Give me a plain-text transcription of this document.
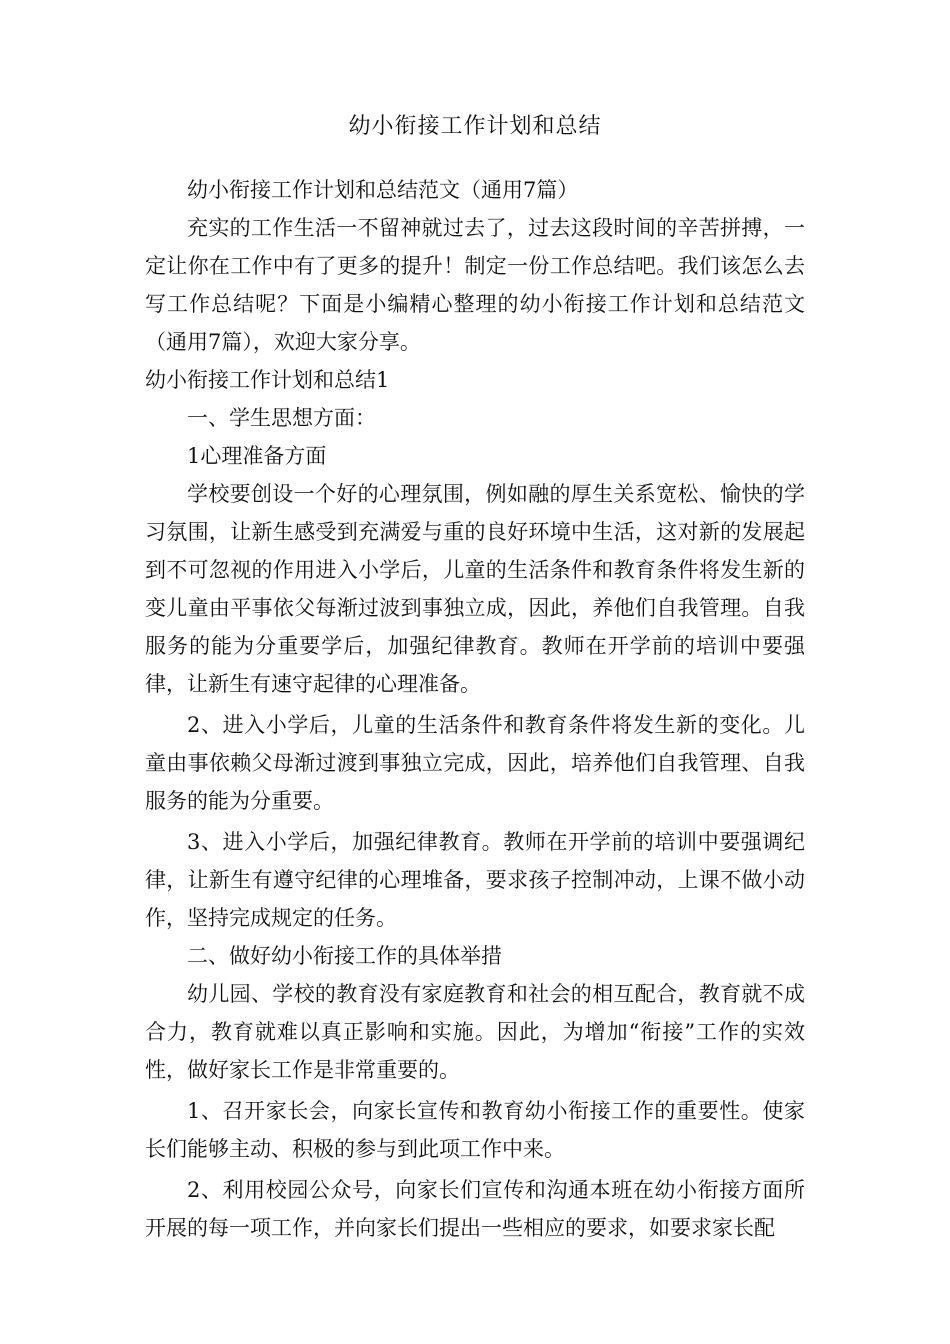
幼小衔接工作计划和总结

幼小衔接工作计划和总结范文（通用7篇）

充实的工作生活一不留神就过去了，过去这段时间的辛苦拼搏，一定让你在工作中有了更多的提升！制定一份工作总结吧。我们该怎么去写工作总结呢？下面是小编精心整理的幼小衔接工作计划和总结范文（通用7篇），欢迎大家分享。

幼小衔接工作计划和总结1

一、学生思想方面：

1心理准备方面

学校要创设一个好的心理氛围，例如融的厚生关系宽松、愉快的学习氛围，让新生感受到充满爱与重的良好环境中生活，这对新的发展起到不可忽视的作用进入小学后，儿童的生活条件和教育条件将发生新的变儿童由平事依父每渐过波到事独立成，因此，养他们自我管理。自我服务的能为分重要学后，加强纪律教育。教师在开学前的培训中要强律，让新生有速守起律的心理准备。

2、进入小学后，儿童的生活条件和教育条件将发生新的变化。儿童由事依赖父母渐过渡到事独立完成，因此，培养他们自我管理、自我服务的能为分重要。

3、进入小学后，加强纪律教育。教师在开学前的培训中要强调纪律，让新生有遵守纪律的心理堆备，要求孩子控制冲动，上课不做小动作，坚持完成规定的任务。

二、做好幼小衔接工作的具体举措

幼儿园、学校的教育没有家庭教育和社会的相互配合，教育就不成合力，教育就难以真正影响和实施。因此，为增加“衔接”工作的实效性，做好家长工作是非常重要的。

1、召开家长会，向家长宣传和教育幼小衔接工作的重要性。使家长们能够主动、积极的参与到此项工作中来。

2、利用校园公众号，向家长们宣传和沟通本班在幼小衔接方面所开展的每一项工作，并向家长们提出一些相应的要求，如要求家长配
